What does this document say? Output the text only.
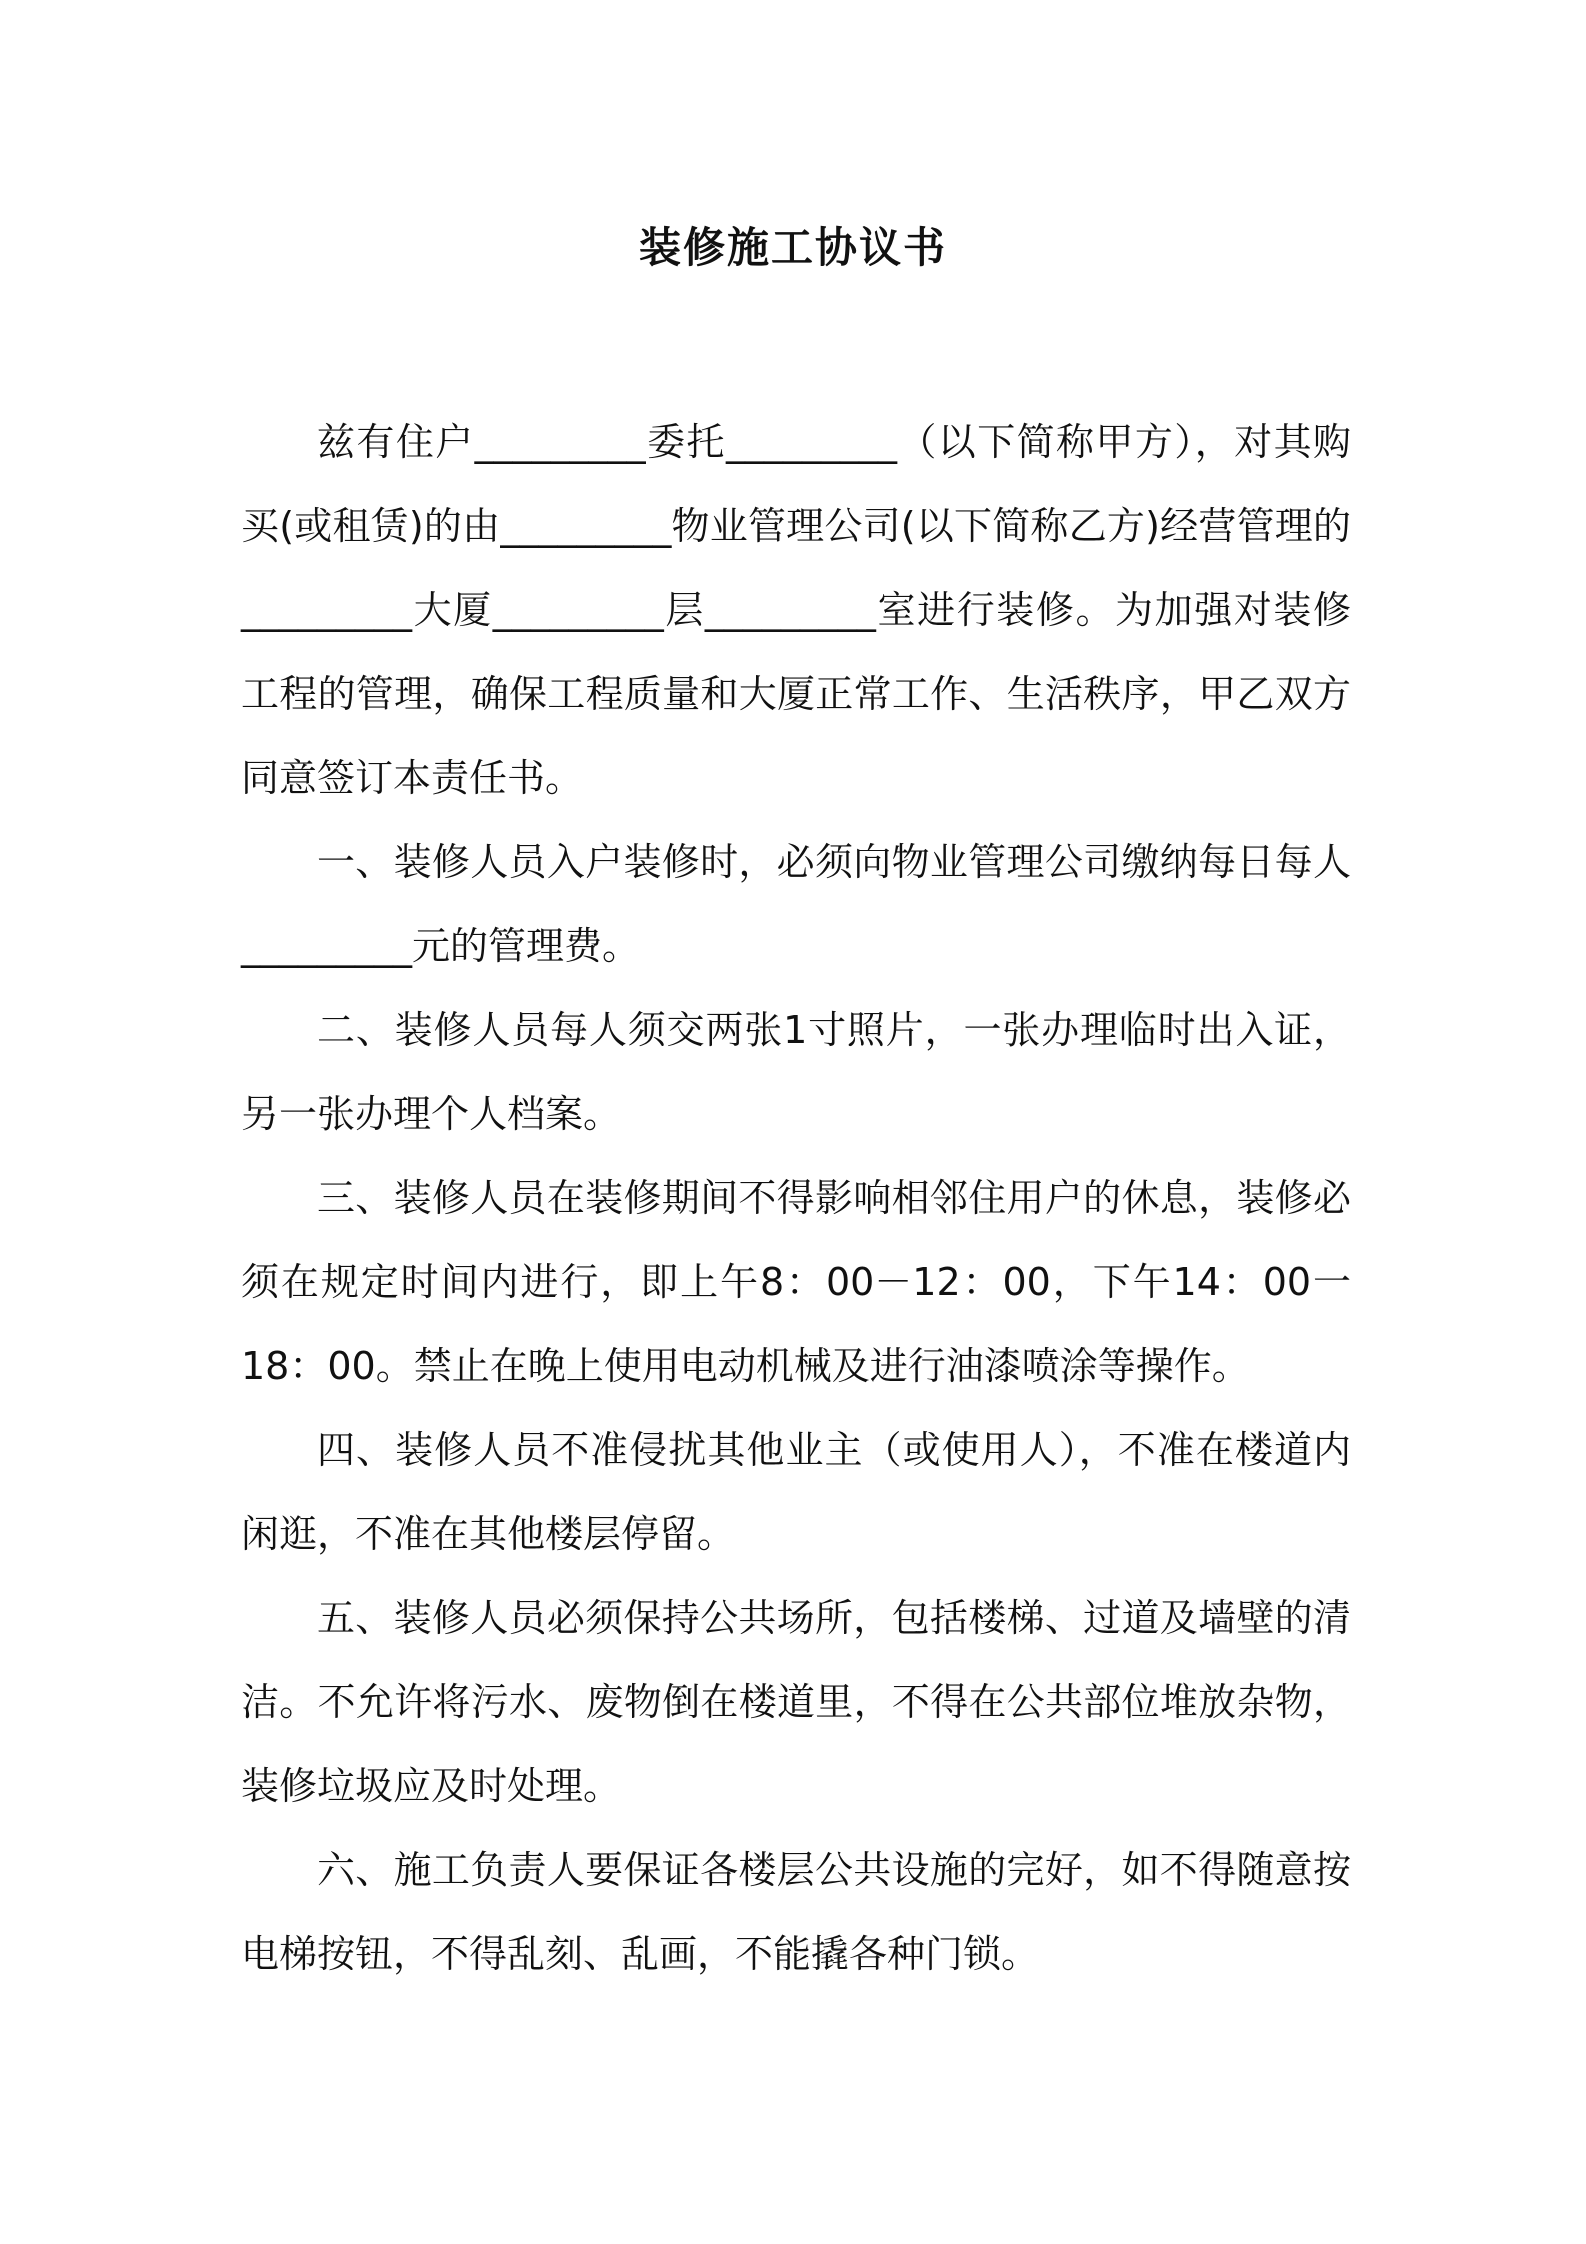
装修施工协议书

兹有住户_________委托_________（以下简称甲方），对其购买(或租赁)的由_________物业管理公司(以下简称乙方)经营管理的_________大厦_________层_________室进行装修。为加强对装修工程的管理，确保工程质量和大厦正常工作、生活秩序，甲乙双方同意签订本责任书。

一、装修人员入户装修时，必须向物业管理公司缴纳每日每人_________元的管理费。

二、装修人员每人须交两张1寸照片，一张办理临时出入证，另一张办理个人档案。

三、装修人员在装修期间不得影响相邻住用户的休息，装修必须在规定时间内进行，即上午8：00－12：00，下午14：00一18：00。禁止在晚上使用电动机械及进行油漆喷涂等操作。

四、装修人员不准侵扰其他业主（或使用人），不准在楼道内闲逛，不准在其他楼层停留。

五、装修人员必须保持公共场所，包括楼梯、过道及墙壁的清洁。不允许将污水、废物倒在楼道里，不得在公共部位堆放杂物，装修垃圾应及时处理。

六、施工负责人要保证各楼层公共设施的完好，如不得随意按电梯按钮，不得乱刻、乱画，不能撬各种门锁。
